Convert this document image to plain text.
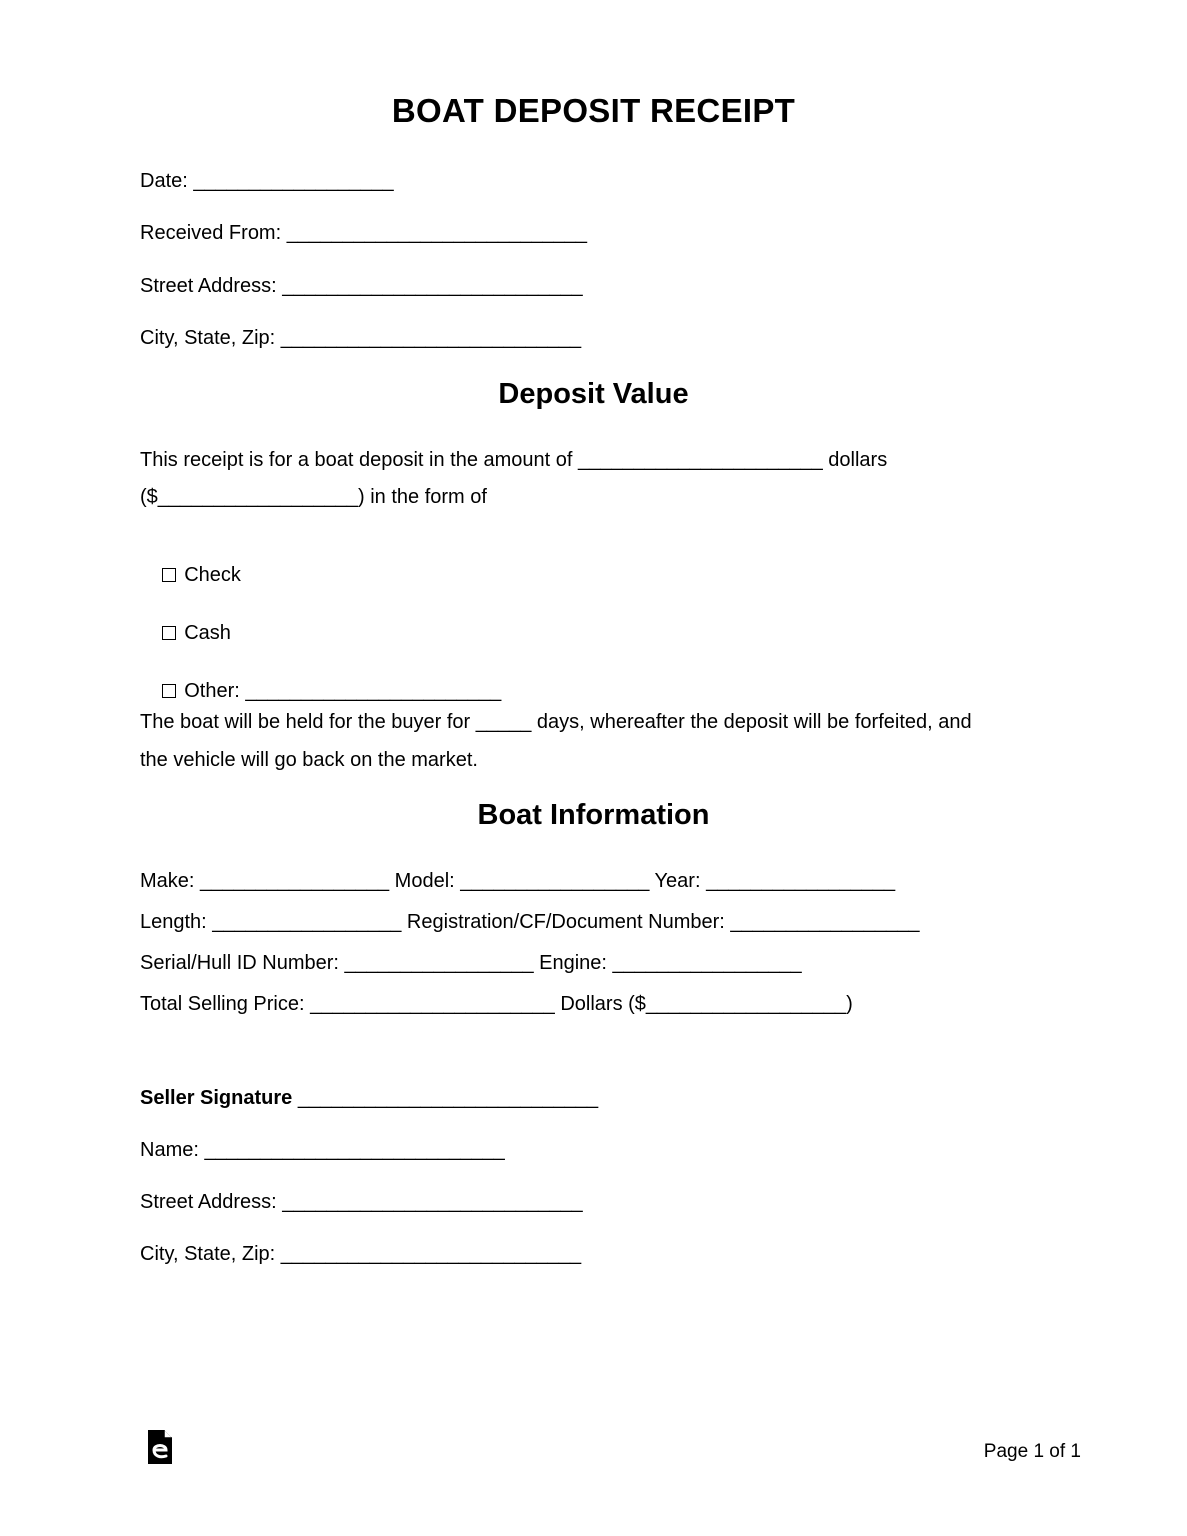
BOAT DEPOSIT RECEIPT
Date: __________________
Received From: ___________________________
Street Address: ___________________________
City, State, Zip: ___________________________
Deposit Value
This receipt is for a boat deposit in the amount of ______________________ dollars
($__________________) in the form of

Check

Cash

Other: _______________________

The boat will be held for the buyer for _____ days, whereafter the deposit will be forfeited, and
the vehicle will go back on the market.
Boat Information
Make: _________________ Model: _________________ Year: _________________
Length: _________________ Registration/CF/Document Number: _________________
Serial/Hull ID Number: _________________ Engine: _________________
Total Selling Price: ______________________ Dollars ($__________________)
Seller Signature ___________________________
Name: ___________________________
Street Address: ___________________________
City, State, Zip: ___________________________
Page 1 of 1
